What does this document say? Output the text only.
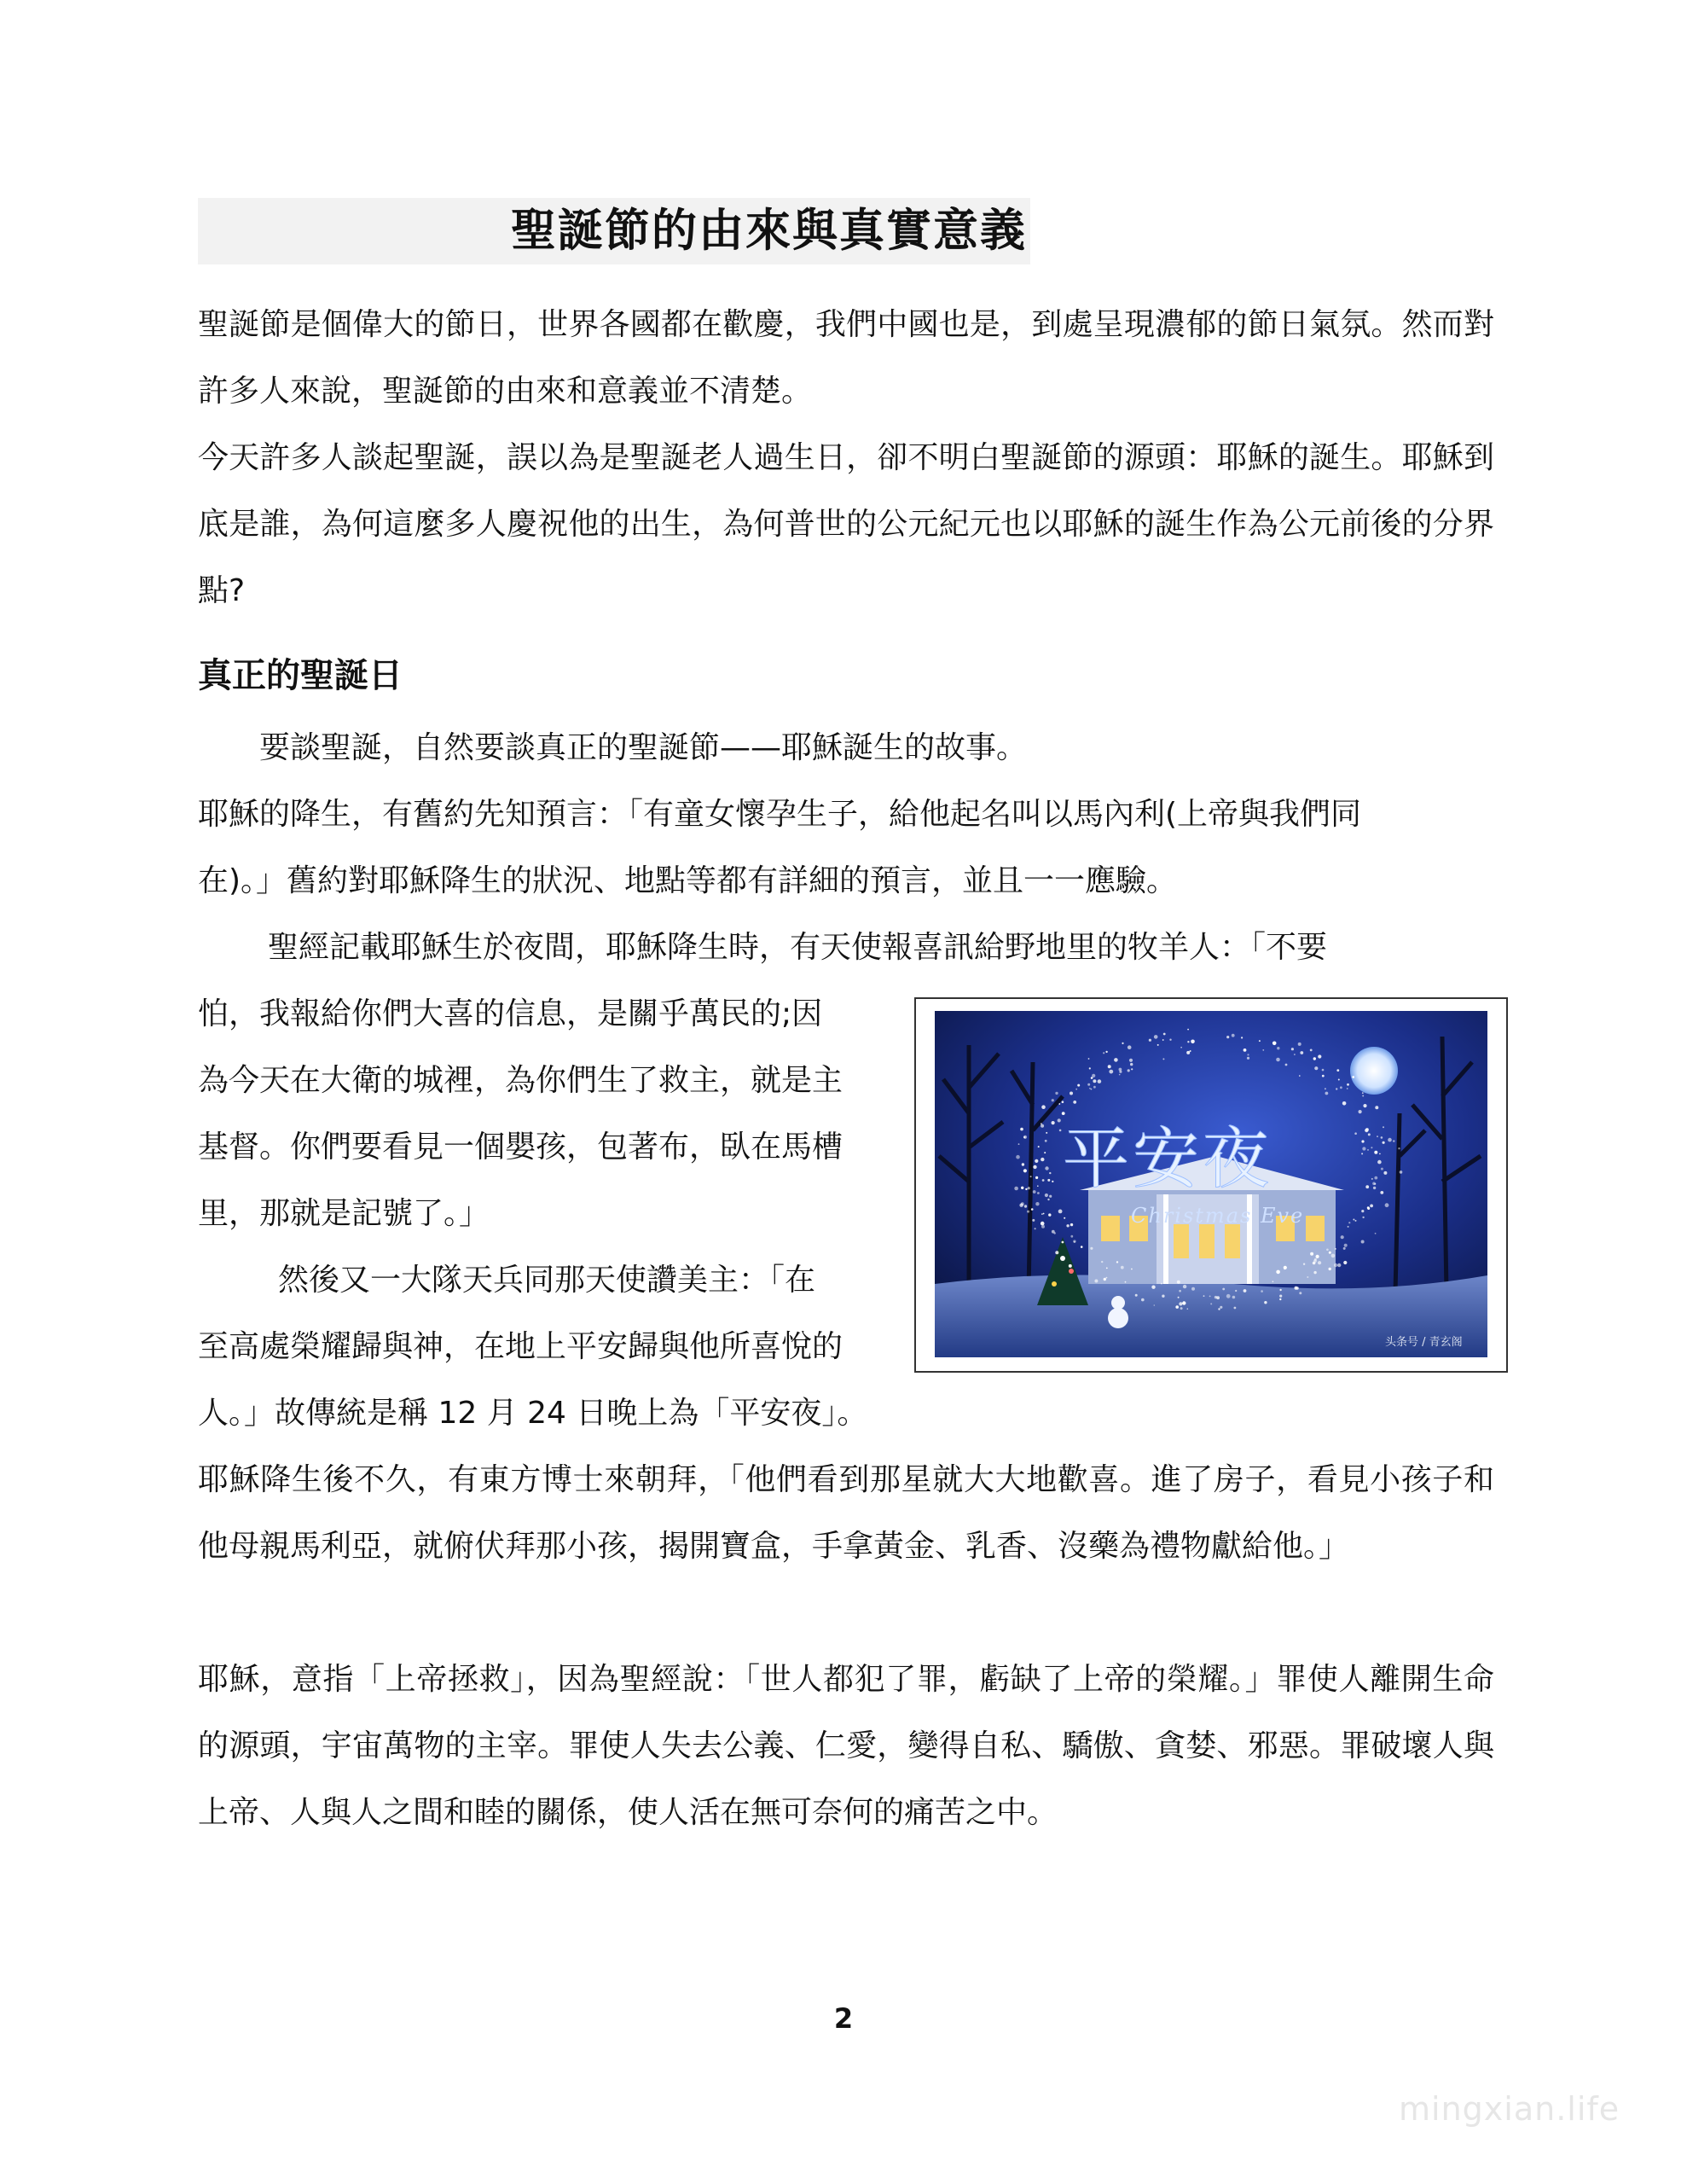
聖誕節的由來與真實意義
聖誕節是個偉大的節日，世界各國都在歡慶，我們中國也是，到處呈現濃郁的節日氣氛。然而對許多人來說，聖誕節的由來和意義並不清楚。
今天許多人談起聖誕，誤以為是聖誕老人過生日，卻不明白聖誕節的源頭：耶穌的誕生。耶穌到底是誰，為何這麼多人慶祝他的出生，為何普世的公元紀元也以耶穌的誕生作為公元前後的分界點?
真正的聖誕日
要談聖誕，自然要談真正的聖誕節——耶穌誕生的故事。
耶穌的降生，有舊約先知預言：「有童女懷孕生子，給他起名叫以馬內利(上帝與我們同
在)。」舊約對耶穌降生的狀況、地點等都有詳細的預言，並且一一應驗。
聖經記載耶穌生於夜間，耶穌降生時，有天使報喜訊給野地里的牧羊人：「不要
怕，我報給你們大喜的信息，是關乎萬民的;因
為今天在大衛的城裡，為你們生了救主，就是主
基督。你們要看見一個嬰孩，包著布，臥在馬槽
里，那就是記號了。」
然後又一大隊天兵同那天使讚美主：「在
至高處榮耀歸與神，在地上平安歸與他所喜悅的
人。」故傳統是稱 12 月 24 日晚上為「平安夜」。
耶穌降生後不久，有東方博士來朝拜，「他們看到那星就大大地歡喜。進了房子，看見小孩子和他母親馬利亞，就俯伏拜那小孩，揭開寶盒，手拿黃金、乳香、沒藥為禮物獻給他。」
耶穌，意指「上帝拯救」，因為聖經說：「世人都犯了罪，虧缺了上帝的榮耀。」罪使人離開生命的源頭，宇宙萬物的主宰。罪使人失去公義、仁愛，變得自私、驕傲、貪婪、邪惡。罪破壞人與上帝、人與人之間和睦的關係，使人活在無可奈何的痛苦之中。
平安夜
Christmas Eve
头条号 / 青玄阁
2
mingxian.life
